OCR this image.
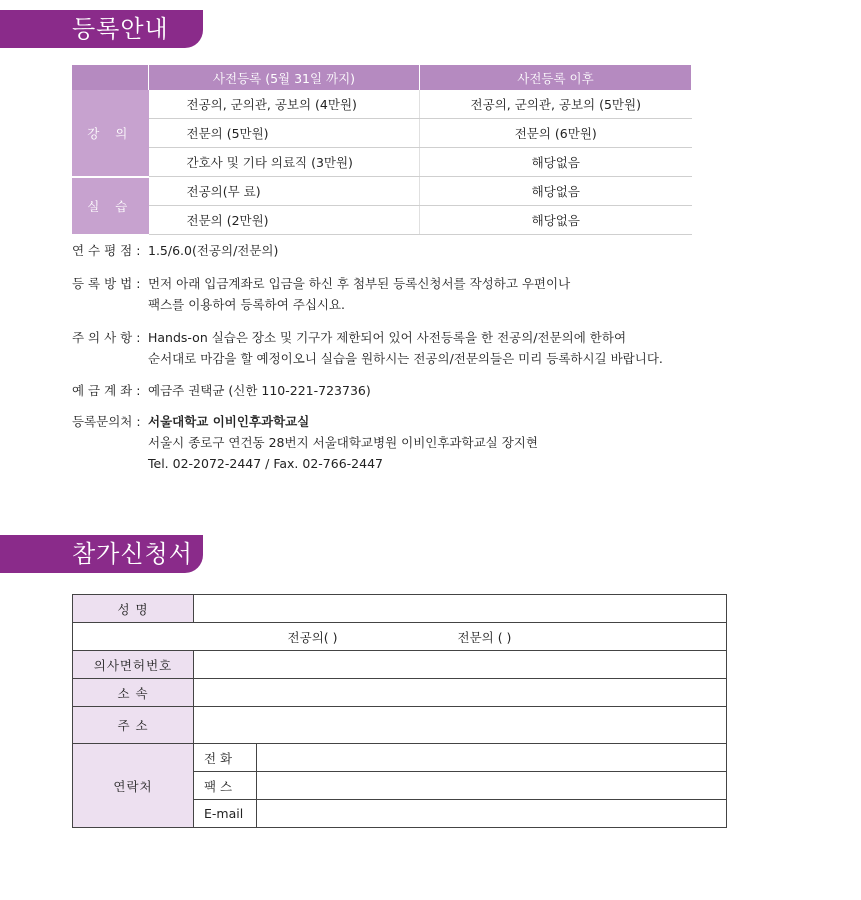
등록안내
	사전등록 (5월 31일 까지)	사전등록 이후
강 의	전공의, 군의관, 공보의 (4만원)	전공의, 군의관, 공보의 (5만원)
	전문의 (5만원)	전문의 (6만원)
	간호사 및 기타 의료직 (3만원)	해당없음
실 습	전공의(무 료)	해당없음
	전문의 (2만원)	해당없음
연 수 평 점 : 1.5/6.0(전공의/전문의)
등 록 방 법 : 먼저 아래 입금계좌로 입금을 하신 후 첨부된 등록신청서를 작성하고 우편이나
팩스를 이용하여 등록하여 주십시요.
주 의 사 항 : Hands-on 실습은 장소 및 기구가 제한되어 있어 사전등록을 한 전공의/전문의에 한하여
순서대로 마감을 할 예정이오니 실습을 원하시는 전공의/전문의들은 미리 등록하시길 바랍니다.
예 금 계 좌 : 예금주 권택균 (신한 110-221-723736)
등록문의처 : 서울대학교 이비인후과학교실
서울시 종로구 연건동 28번지 서울대학교병원 이비인후과학교실 장지현
Tel. 02-2072-2447 / Fax. 02-766-2447
참가신청서
성 명		
전공의( ) 전문의 ( )		
의사면허번호		
소 속		
주 소		
연락처	전 화	
	팩 스	
	E-mail	
